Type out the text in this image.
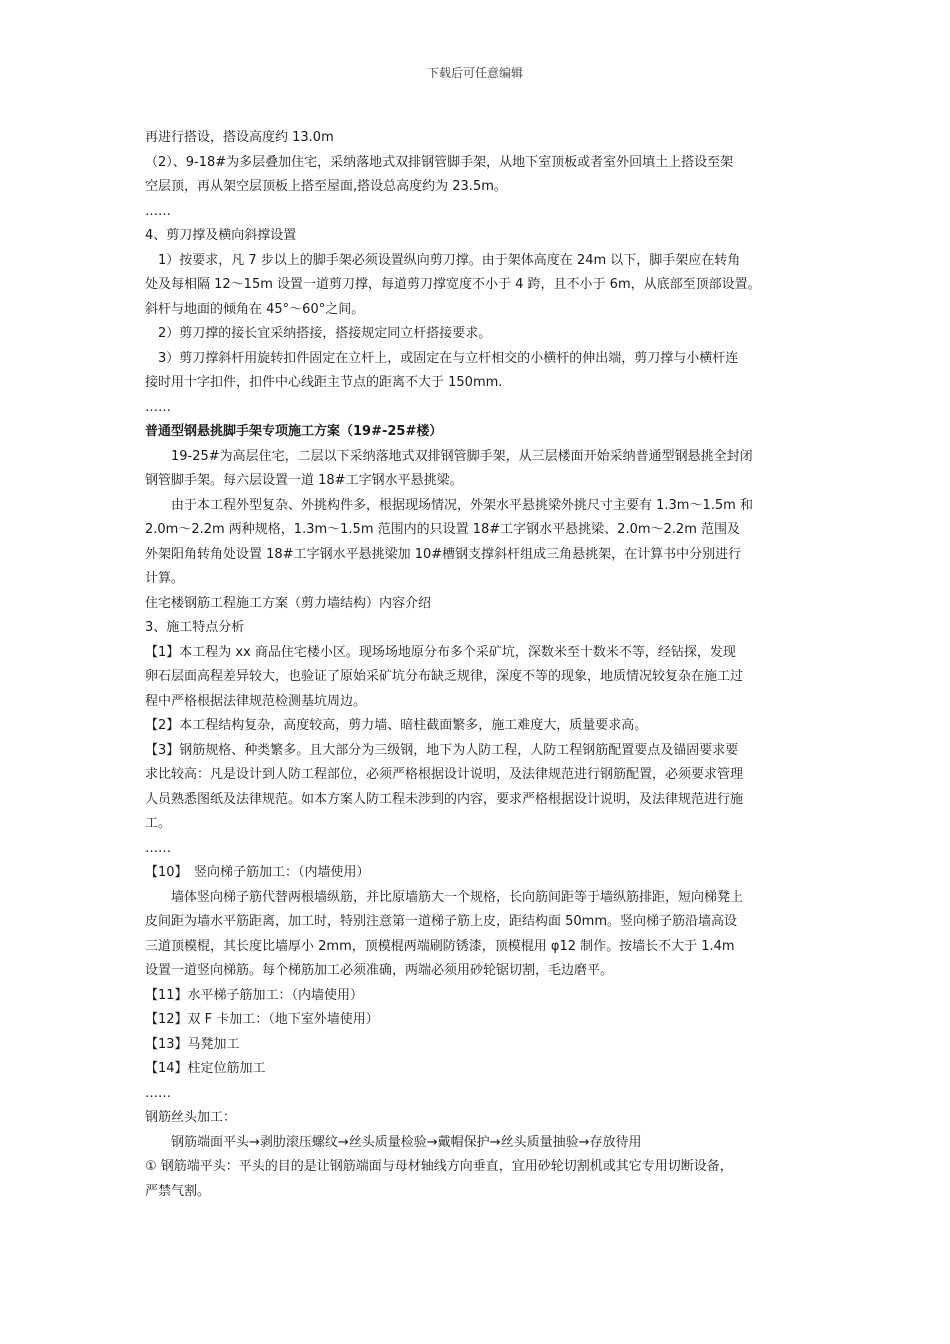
下载后可任意编辑
再进行搭设，搭设高度约 13.0m
（2）、9-18#为多层叠加住宅，采纳落地式双排钢管脚手架，从地下室顶板或者室外回填土上搭设至架
空层顶，再从架空层顶板上搭至屋面,搭设总高度约为 23.5m。
……
4、剪刀撑及横向斜撑设置
　1）按要求，凡 7 步以上的脚手架必须设置纵向剪刀撑。由于架体高度在 24m 以下，脚手架应在转角
处及每相隔 12～15m 设置一道剪刀撑，每道剪刀撑宽度不小于 4 跨，且不小于 6m，从底部至顶部设置。
斜杆与地面的倾角在 45°～60°之间。
　2）剪刀撑的接长宜采纳搭接，搭接规定同立杆搭接要求。
　3）剪刀撑斜杆用旋转扣件固定在立杆上，或固定在与立杆相交的小横杆的伸出端，剪刀撑与小横杆连
接时用十字扣件，扣件中心线距主节点的距离不大于 150mm.
……
普通型钢悬挑脚手架专项施工方案（19#-25#楼）
　　19-25#为高层住宅，二层以下采纳落地式双排钢管脚手架，从三层楼面开始采纳普通型钢悬挑全封闭
钢管脚手架。每六层设置一道 18#工字钢水平悬挑梁。
　　由于本工程外型复杂、外挑构件多，根据现场情况，外架水平悬挑梁外挑尺寸主要有 1.3m～1.5m 和
2.0m～2.2m 两种规格，1.3m～1.5m 范围内的只设置 18#工字钢水平悬挑梁、2.0m～2.2m 范围及
外架阳角转角处设置 18#工字钢水平悬挑梁加 10#槽钢支撑斜杆组成三角悬挑架，在计算书中分别进行
计算。
住宅楼钢筋工程施工方案（剪力墙结构）内容介绍
3、施工特点分析
【1】本工程为 xx 商品住宅楼小区。现场场地原分布多个采矿坑，深数米至十数米不等，经钻探，发现
卵石层面高程差异较大，也验证了原始采矿坑分布缺乏规律，深度不等的现象，地质情况较复杂在施工过
程中严格根据法律规范检测基坑周边。
【2】本工程结构复杂，高度较高，剪力墙、暗柱截面繁多，施工难度大，质量要求高。
【3】钢筋规格、种类繁多。且大部分为三级钢，地下为人防工程，人防工程钢筋配置要点及锚固要求要
求比较高：凡是设计到人防工程部位，必须严格根据设计说明，及法律规范进行钢筋配置，必须要求管理
人员熟悉图纸及法律规范。如本方案人防工程未涉到的内容，要求严格根据设计说明，及法律规范进行施
工。
……
【10】　竖向梯子筋加工：（内墙使用）
　　墙体竖向梯子筋代替两根墙纵筋，并比原墙筋大一个规格，长向筋间距等于墙纵筋排距，短向梯凳上
皮间距为墙水平筋距离，加工时，特别注意第一道梯子筋上皮，距结构面 50mm。竖向梯子筋沿墙高设
三道顶模棍，其长度比墙厚小 2mm，顶模棍两端刷防锈漆，顶模棍用 φ12 制作。按墙长不大于 1.4m
设置一道竖向梯筋。每个梯筋加工必须准确，两端必须用砂轮锯切割，毛边磨平。
【11】水平梯子筋加工：（内墙使用）
【12】双 F 卡加工：（地下室外墙使用）
【13】马凳加工
【14】柱定位筋加工
……
钢筋丝头加工：
　　钢筋端面平头→剥肋滚压螺纹→丝头质量检验→戴帽保护→丝头质量抽验→存放待用
① 钢筋端平头：平头的目的是让钢筋端面与母材轴线方向垂直，宜用砂轮切割机或其它专用切断设备，
严禁气割。
